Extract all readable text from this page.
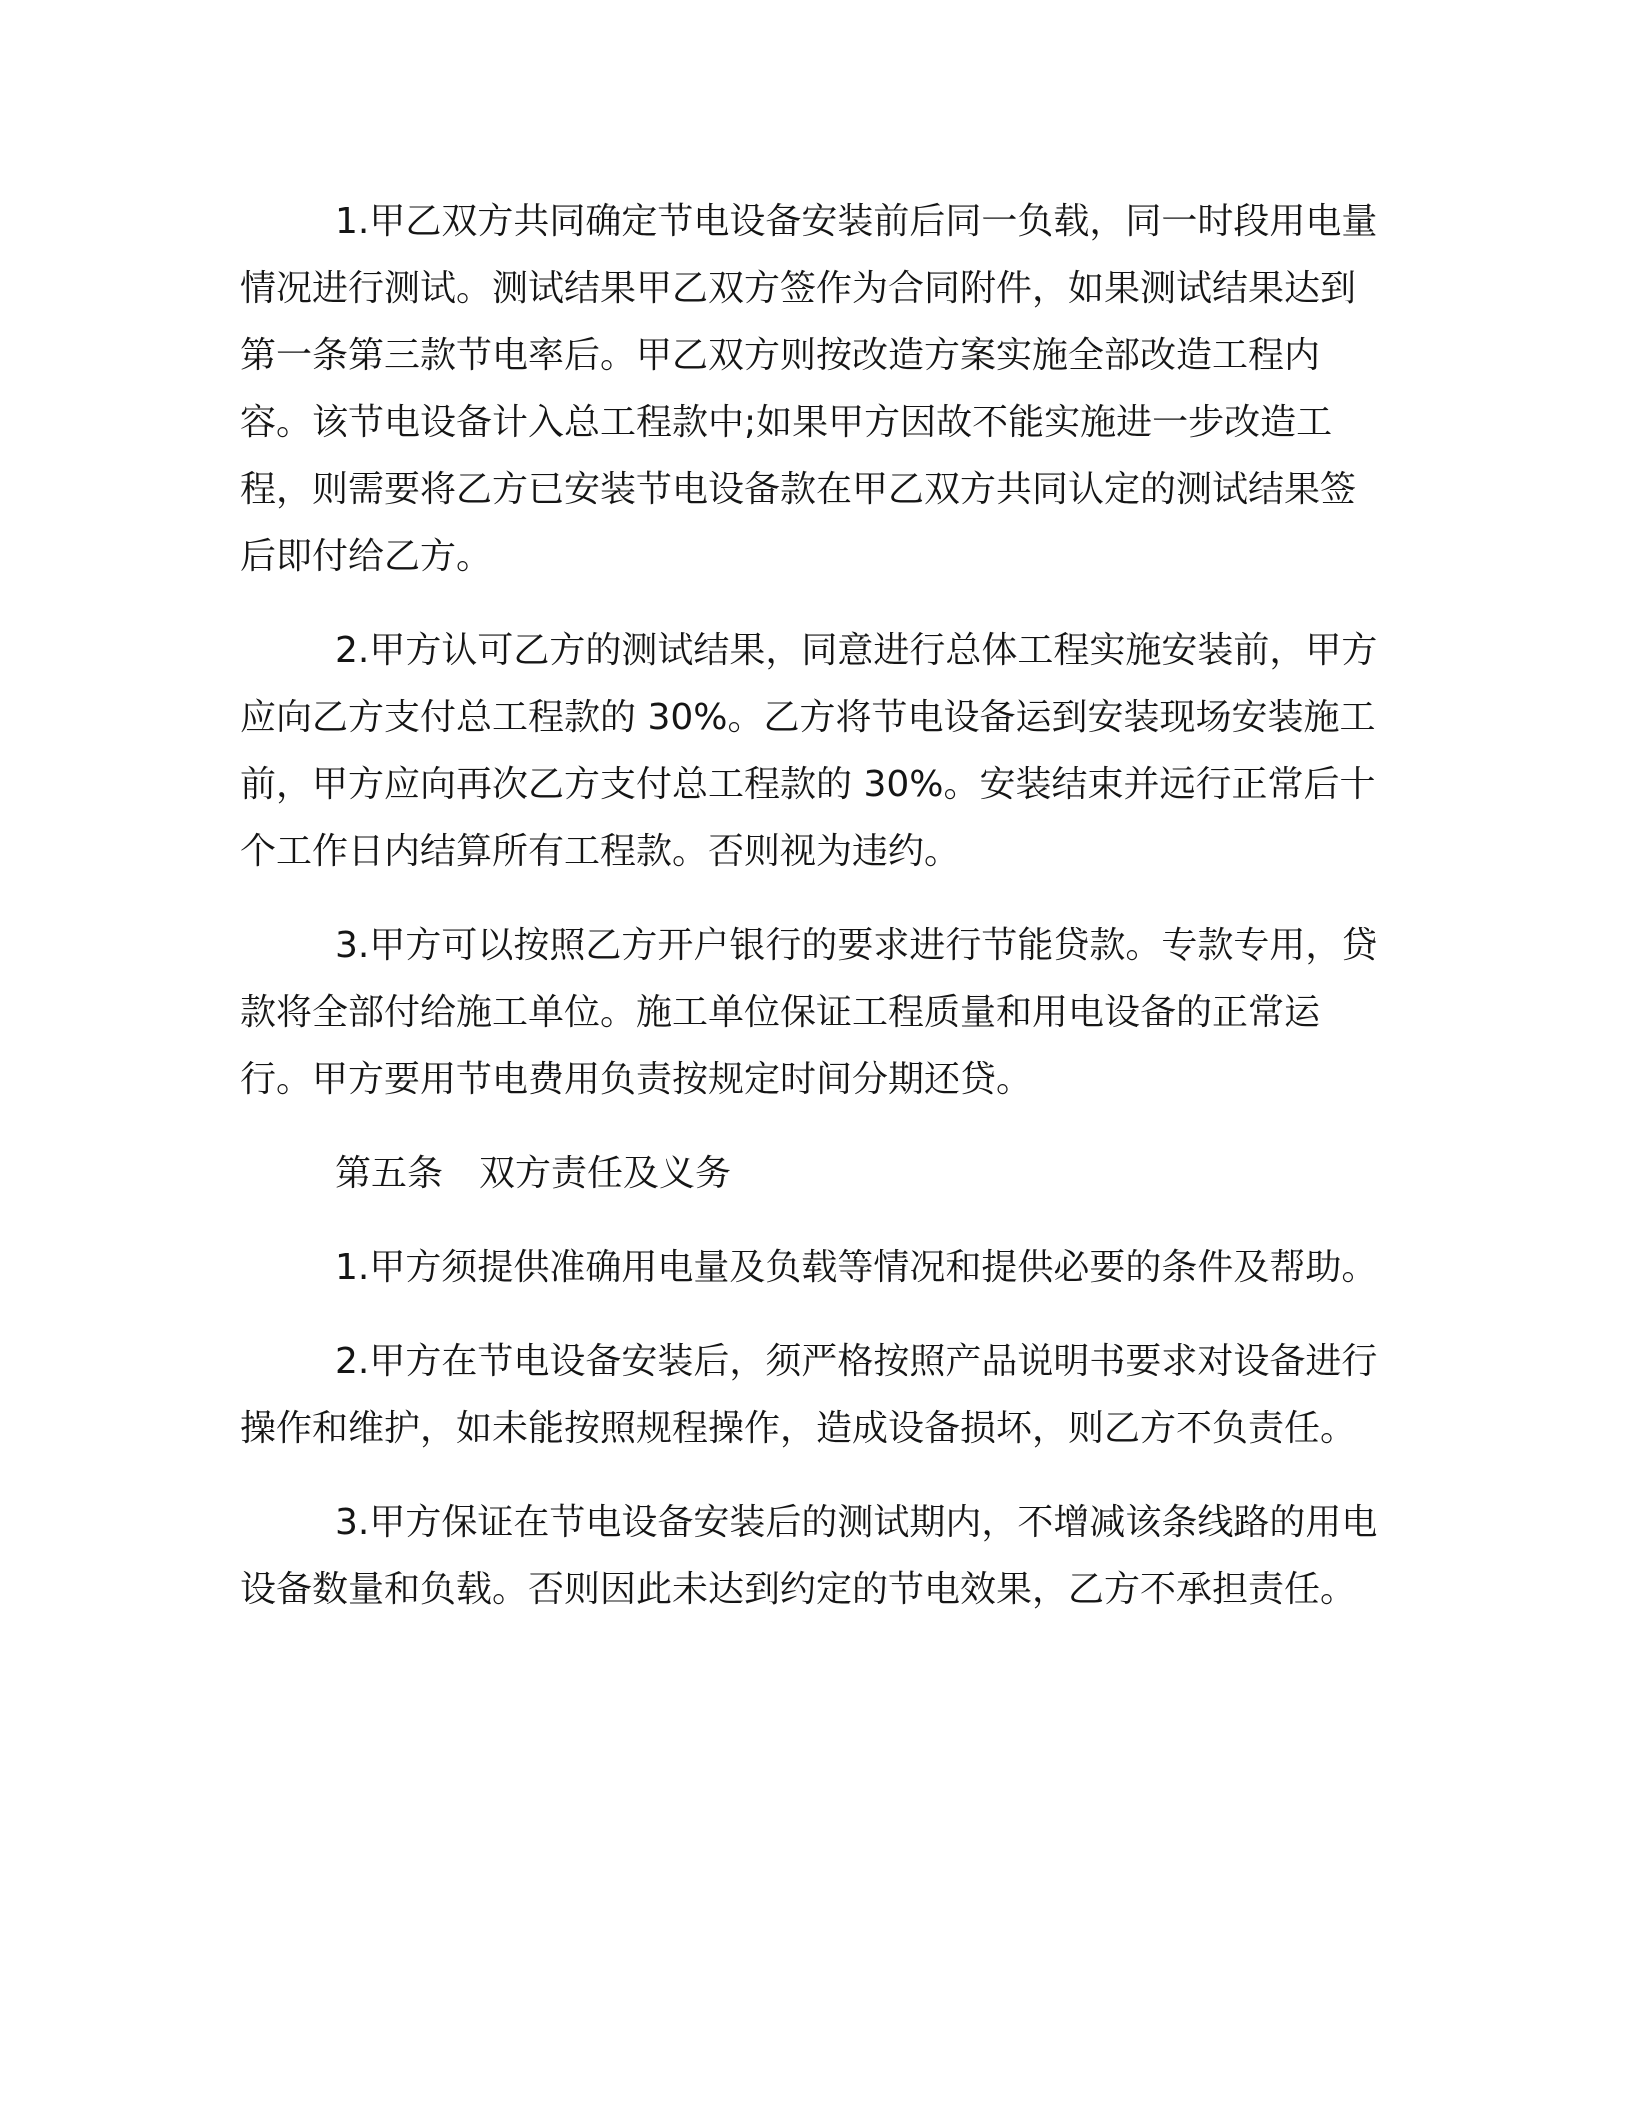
1.甲乙双方共同确定节电设备安装前后同一负载，同一时段用电量情况进行测试。测试结果甲乙双方签作为合同附件，如果测试结果达到第一条第三款节电率后。甲乙双方则按改造方案实施全部改造工程内容。该节电设备计入总工程款中;如果甲方因故不能实施进一步改造工程，则需要将乙方已安装节电设备款在甲乙双方共同认定的测试结果签后即付给乙方。

2.甲方认可乙方的测试结果，同意进行总体工程实施安装前，甲方应向乙方支付总工程款的 30%。乙方将节电设备运到安装现场安装施工前，甲方应向再次乙方支付总工程款的 30%。安装结束并远行正常后十个工作日内结算所有工程款。否则视为违约。

3.甲方可以按照乙方开户银行的要求进行节能贷款。专款专用，贷款将全部付给施工单位。施工单位保证工程质量和用电设备的正常运行。甲方要用节电费用负责按规定时间分期还贷。

第五条　双方责任及义务

1.甲方须提供准确用电量及负载等情况和提供必要的条件及帮助。

2.甲方在节电设备安装后，须严格按照产品说明书要求对设备进行操作和维护，如未能按照规程操作，造成设备损坏，则乙方不负责任。

3.甲方保证在节电设备安装后的测试期内，不增减该条线路的用电设备数量和负载。否则因此未达到约定的节电效果，乙方不承担责任。
